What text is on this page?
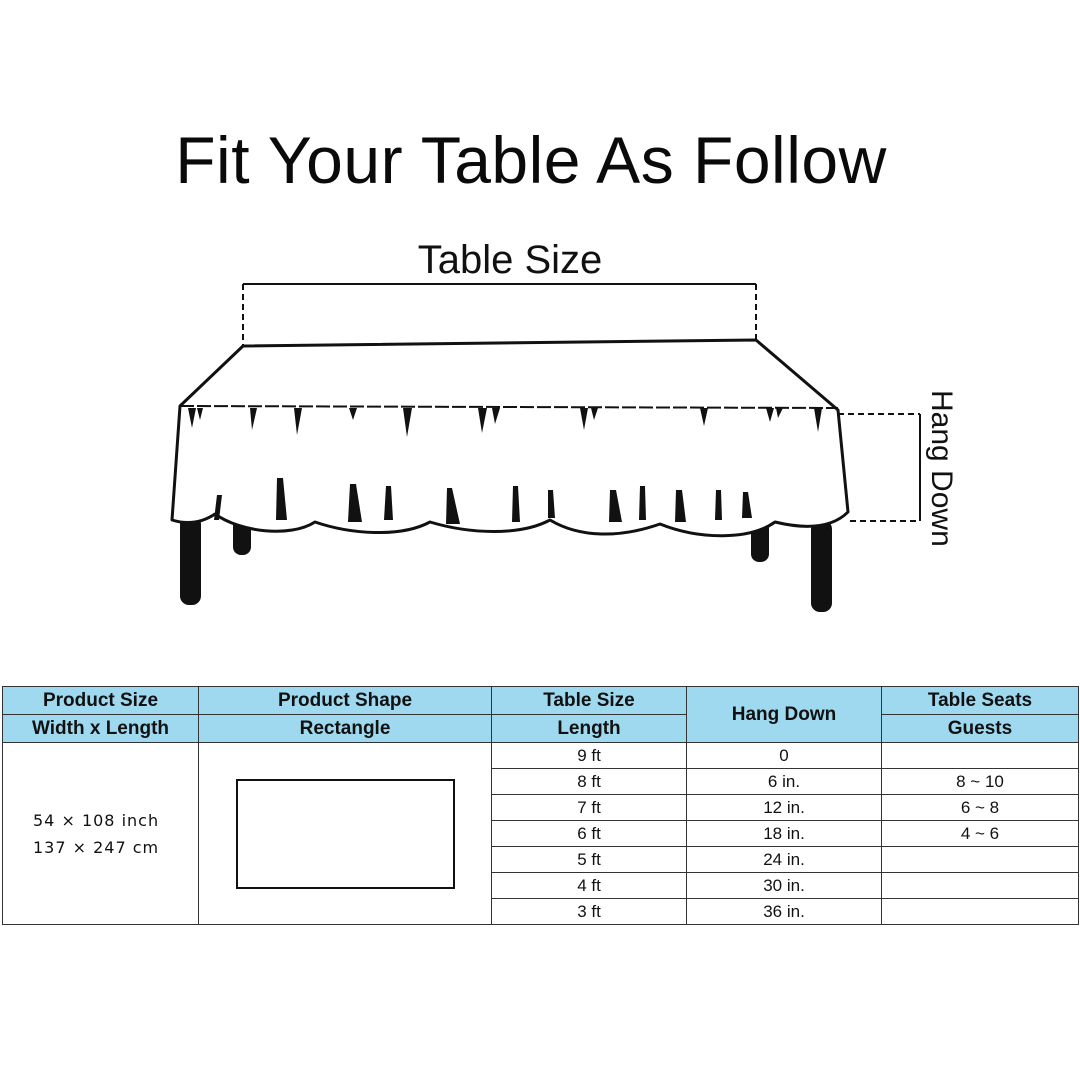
Fit Your Table As Follow
Table Size
Hang Down
Product Size	Product Shape	Table Size	Hang Down	Table Seats
Width x Length	Rectangle	Length		Guests

54 × 108 inch
137 × 247 cm		9 ft	0	
		8 ft	6 in.	8 ~ 10
		7 ft	12 in.	6 ~ 8
		6 ft	18 in.	4 ~ 6
		5 ft	24 in.	
		4 ft	30 in.	
		3 ft	36 in.	
